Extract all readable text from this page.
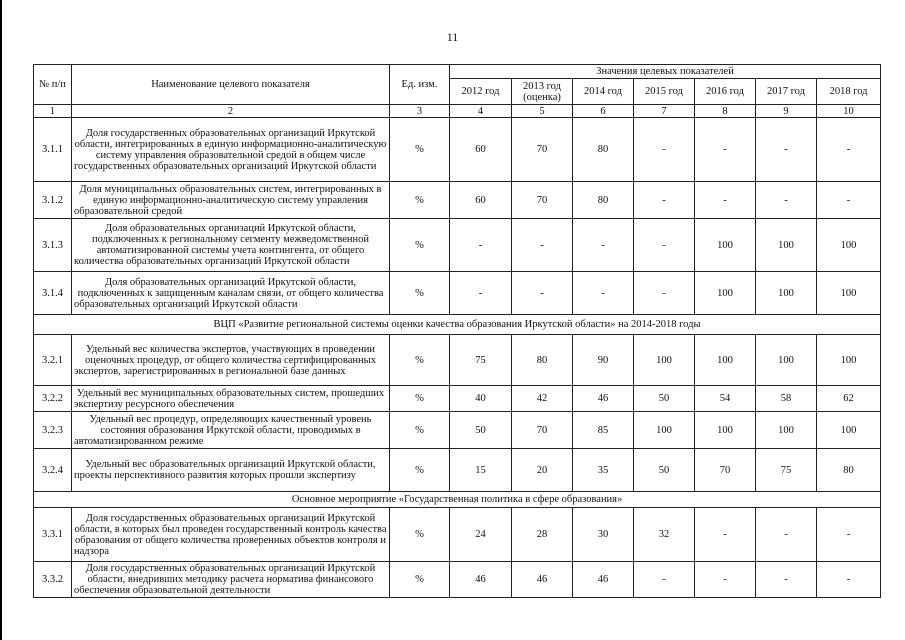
11
№ п/п	Наименование целевого показателя	Ед. изм.	Значения целевых показателей						
			2012 год	2013 год (оценка)	2014 год	2015 год	2016 год	2017 год	2018 год
1	2	3	4	5	6	7	8	9	10
3.1.1	Доля государственных образовательных организаций Иркутской области, интегрированных в единую информационно-аналитическую систему управления образовательной средой в общем числе государственных образовательных организаций Иркутской области	%	60	70	80	-	-	-	-
3.1.2	Доля муниципальных образовательных систем, интегрированных в единую информационно-аналитическую систему управления образовательной средой	%	60	70	80	-	-	-	-
3.1.3	Доля образовательных организаций Иркутской области, подключенных к региональному сегменту межведомственной автоматизированной системы учета контингента, от общего количества образовательных организаций Иркутской области	%	-	-	-	-	100	100	100
3.1.4	Доля образовательных организаций Иркутской области, подключенных к защищенным каналам связи, от общего количества образовательных организаций Иркутской области	%	-	-	-	-	100	100	100
ВЦП «Развитие региональной системы оценки качества образования Иркутской области» на 2014-2018 годы									
3.2.1	Удельный вес количества экспертов, участвующих в проведении оценочных процедур, от общего количества сертифицированных экспертов, зарегистрированных в региональной базе данных	%	75	80	90	100	100	100	100
3.2.2	Удельный вес муниципальных образовательных систем, прошедших экспертизу ресурсного обеспечения	%	40	42	46	50	54	58	62
3.2.3	Удельный вес процедур, определяющих качественный уровень состояния образования Иркутской области, проводимых в автоматизированном режиме	%	50	70	85	100	100	100	100
3.2.4	Удельный вес образовательных организаций Иркутской области, проекты перспективного развития которых прошли экспертизу	%	15	20	35	50	70	75	80
Основное мероприятие «Государственная политика в сфере образования»									
3.3.1	Доля государственных образовательных организаций Иркутской области, в которых был проведен государственный контроль качества образования от общего количества проверенных объектов контроля и надзора	%	24	28	30	32	-	-	-
3.3.2	Доля государственных образовательных организаций Иркутской области, внедривших методику расчета норматива финансового обеспечения образовательной деятельности	%	46	46	46	-	-	-	-
